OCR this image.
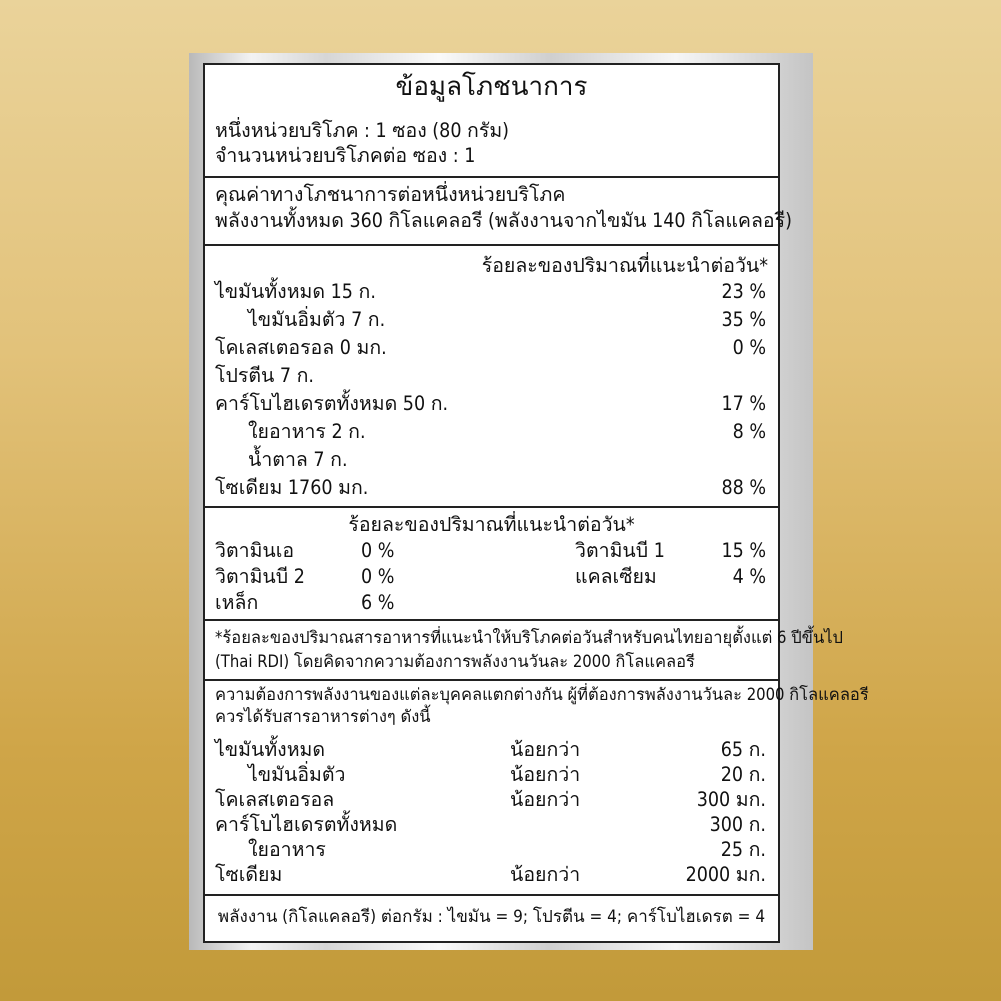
ข้อมูลโภชนาการ
หนึ่งหน่วยบริโภค : 1 ซอง (80 กรัม)
จำนวนหน่วยบริโภคต่อ ซอง : 1
คุณค่าทางโภชนาการต่อหนึ่งหน่วยบริโภค
พลังงานทั้งหมด 360 กิโลแคลอรี (พลังงานจากไขมัน 140 กิโลแคลอรี)
ร้อยละของปริมาณที่แนะนำต่อวัน*
ไขมันทั้งหมด 15 ก.	23 %
ไขมันอิ่มตัว 7 ก.	35 %
โคเลสเตอรอล 0 มก.	0 %
โปรตีน 7 ก.
คาร์โบไฮเดรตทั้งหมด 50 ก.	17 %
ใยอาหาร 2 ก.	8 %
น้ำตาล 7 ก.
โซเดียม 1760 มก.	88 %
ร้อยละของปริมาณที่แนะนำต่อวัน*
วิตามินเอ	0 %	วิตามินบี 1	15 %
วิตามินบี 2	0 %	แคลเซียม	4 %
เหล็ก	6 %
*ร้อยละของปริมาณสารอาหารที่แนะนำให้บริโภคต่อวันสำหรับคนไทยอายุตั้งแต่ 6 ปีขึ้นไป
(Thai RDI) โดยคิดจากความต้องการพลังงานวันละ 2000 กิโลแคลอรี
ความต้องการพลังงานของแต่ละบุคคลแตกต่างกัน ผู้ที่ต้องการพลังงานวันละ 2000 กิโลแคลอรี
ควรได้รับสารอาหารต่างๆ ดังนี้
ไขมันทั้งหมด	น้อยกว่า	65 ก.
ไขมันอิ่มตัว	น้อยกว่า	20 ก.
โคเลสเตอรอล	น้อยกว่า	300 มก.
คาร์โบไฮเดรตทั้งหมด	300 ก.
ใยอาหาร	25 ก.
โซเดียม	น้อยกว่า	2000 มก.
พลังงาน (กิโลแคลอรี) ต่อกรัม : ไขมัน = 9; โปรตีน = 4; คาร์โบไฮเดรต = 4
